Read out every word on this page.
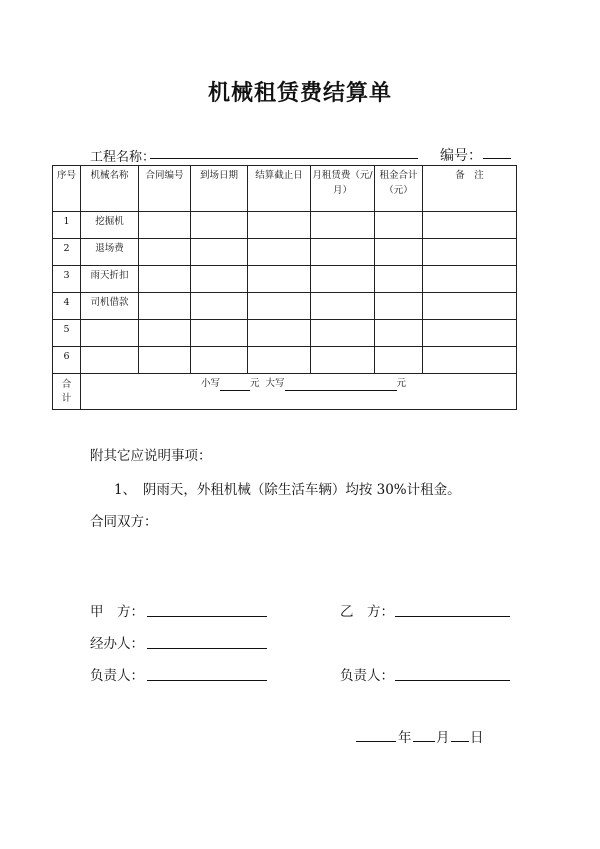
机械租赁费结算单
工程名称：	编号：
序号	机械名称	合同编号	到场日期	结算截止日	月租赁费（元/月）	租金合计（元）	备　注
1	挖掘机						
2	退场费						
3	雨天折扣						
4	司机借款						
5							
6							
合计	小写 元 大写 元						
附其它应说明事项：
1、　阴雨天，外租机械（除生活车辆）均按 30%计租金。
合同双方：
甲　方：	乙　方：
经办人：
负责人：	负责人：
年 月 日
